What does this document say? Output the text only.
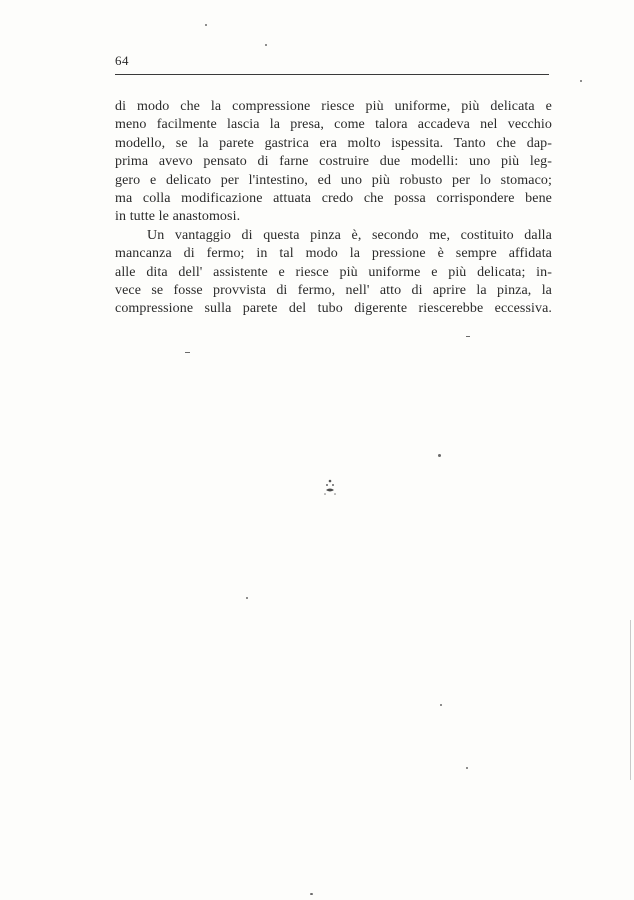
64
di modo che la compressione riesce più uniforme, più delicata e
meno facilmente lascia la presa, come talora accadeva nel vecchio
modello, se la parete gastrica era molto ispessita. Tanto che dap-
prima avevo pensato di farne costruire due modelli: uno più leg-
gero e delicato per l'intestino, ed uno più robusto per lo stomaco;
ma colla modificazione attuata credo che possa corrispondere bene
in tutte le anastomosi.
Un vantaggio di questa pinza è, secondo me, costituito dalla
mancanza di fermo; in tal modo la pressione è sempre affidata
alle dita dell' assistente e riesce più uniforme e più delicata; in-
vece se fosse provvista di fermo, nell' atto di aprire la pinza, la
compressione sulla parete del tubo digerente riescerebbe eccessiva.
